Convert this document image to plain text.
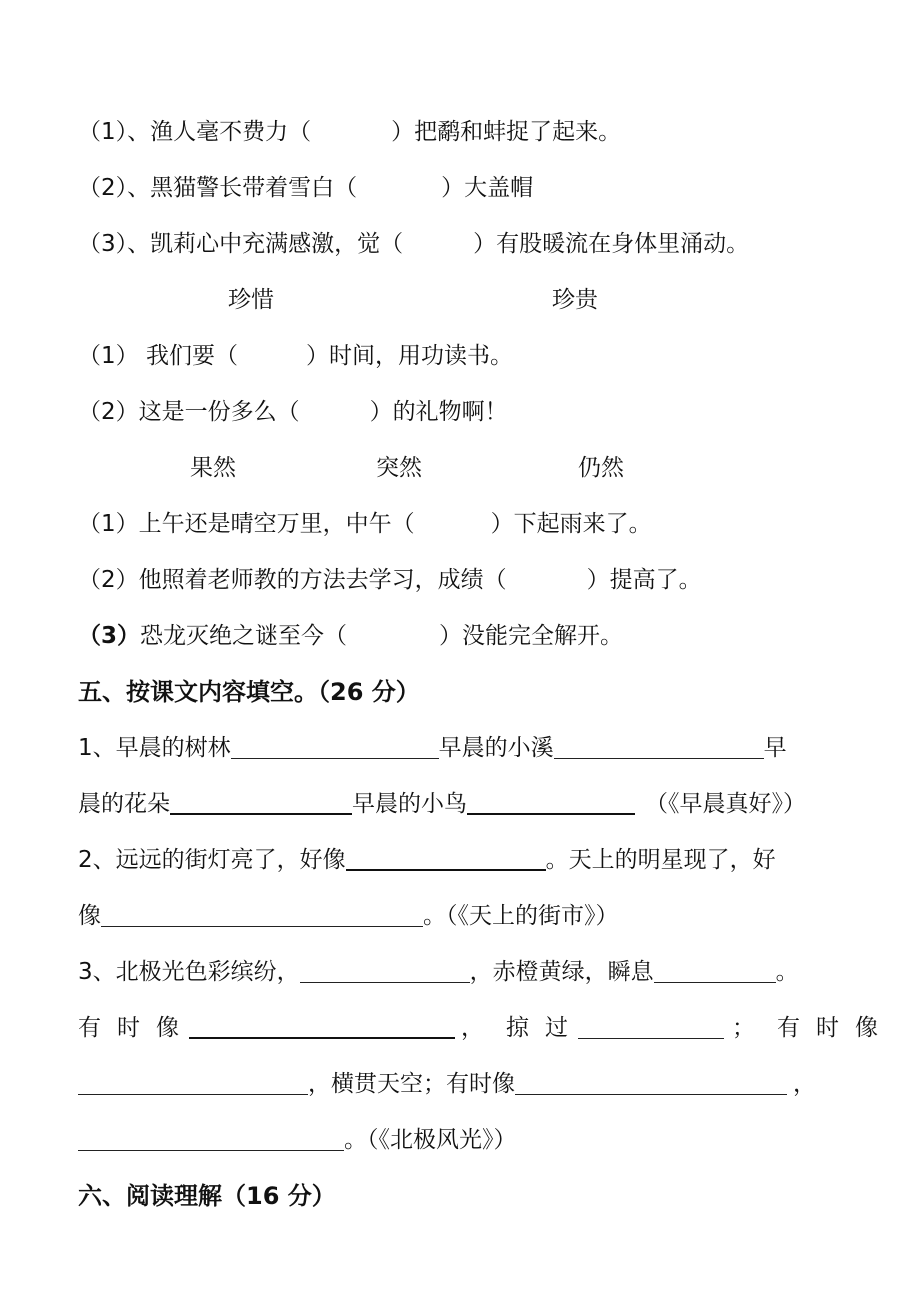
（1）、渔人毫不费力（	）把鹬和蚌捉了起来。
（2）、黑猫警长带着雪白（	）大盖帽
（3）、凯莉心中充满感激，觉（	）有股暖流在身体里涌动。
珍惜	珍贵
（1） 我们要（	）时间，用功读书。
（2）这是一份多么（	）的礼物啊！
果然	突然	仍然
（1）上午还是晴空万里，中午（	）下起雨来了。
（2）他照着老师教的方法去学习，成绩（	）提高了。
（3）恐龙灭绝之谜至今（	）没能完全解开。
五、按课文内容填空。（26 分）
1、早晨的树林	早晨的小溪	早
晨的花朵	早晨的小鸟	（《早晨真好》）
2、远远的街灯亮了，好像	。天上的明星现了，好
像	。（《天上的街市》）
3、北极光色彩缤纷，	，赤橙黄绿，瞬息	。
有 时 像	， 掠 过	； 有 时 像
，横贯天空；有时像	，
。（《北极风光》）
六、阅读理解（16 分）
